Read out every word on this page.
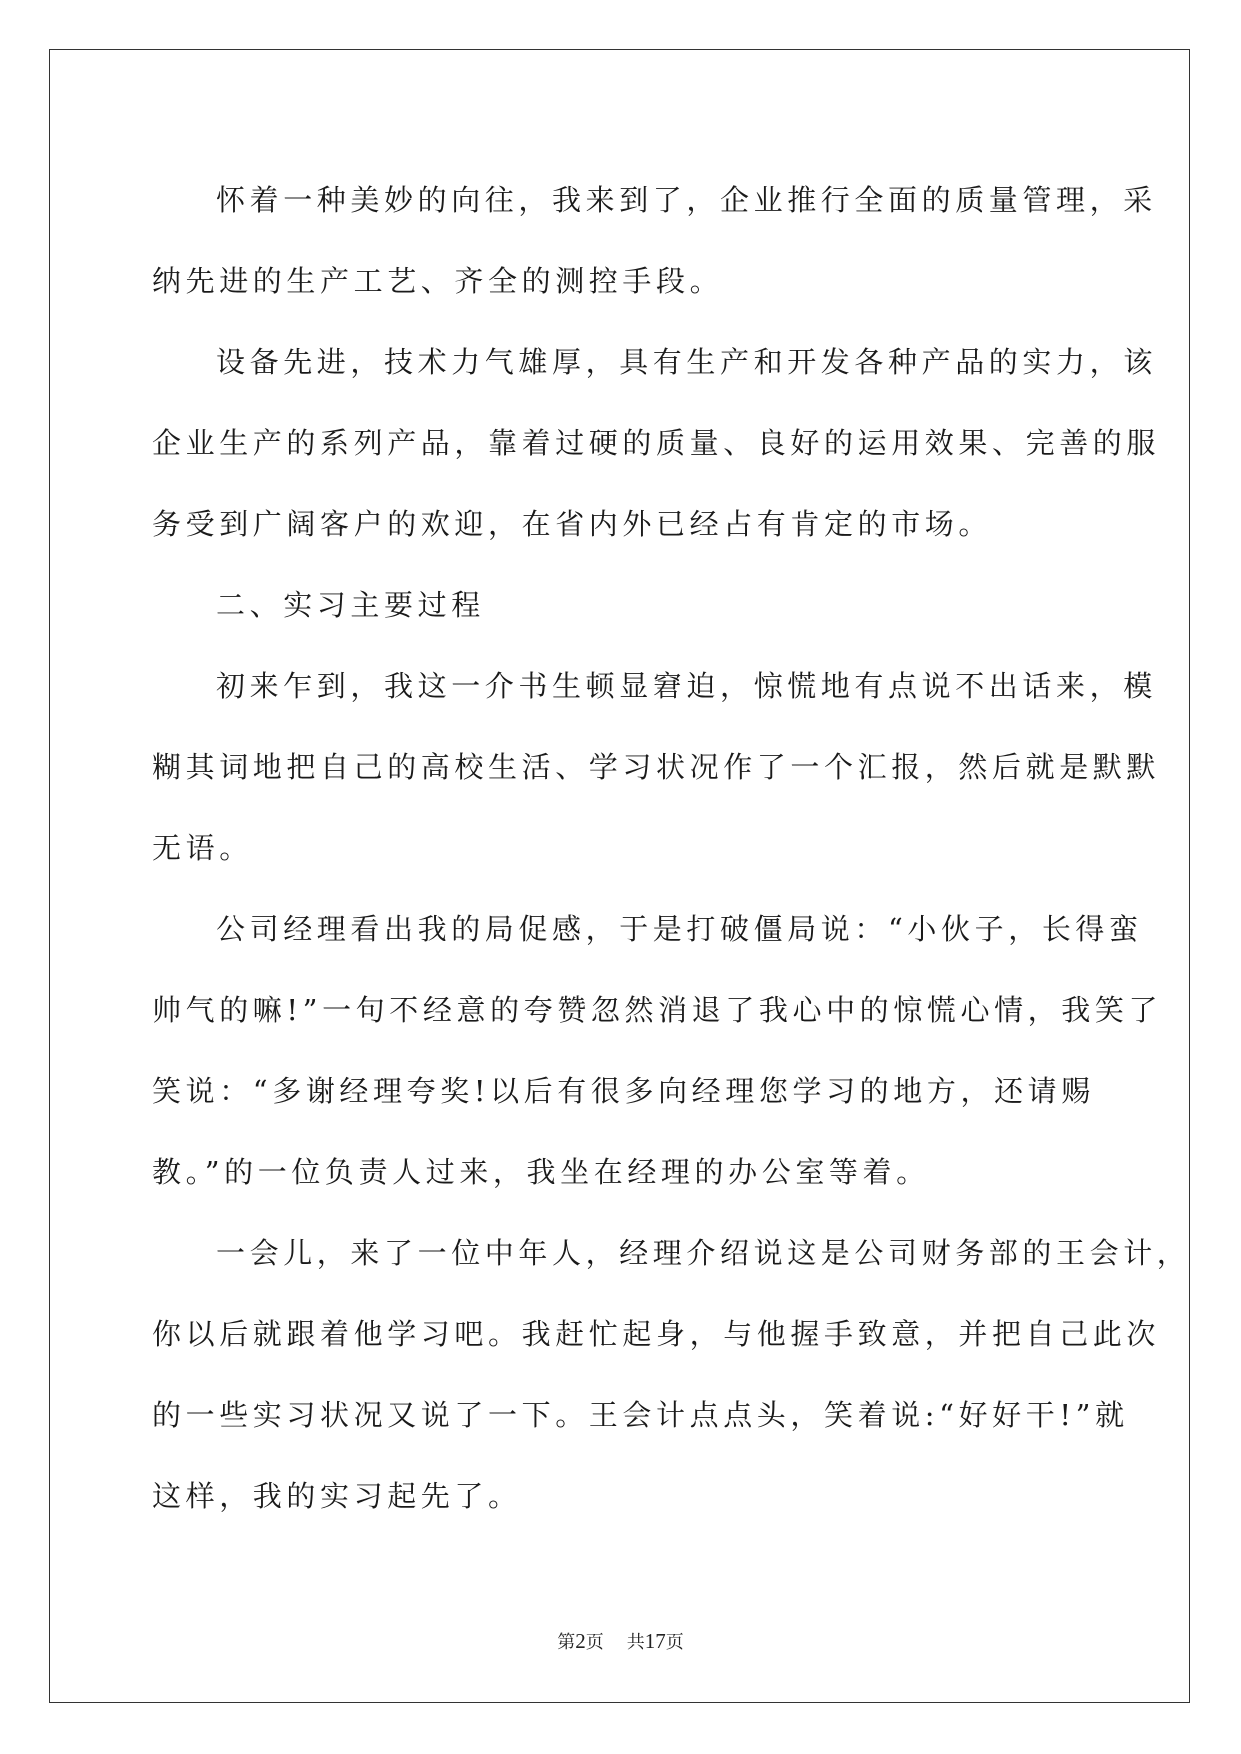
怀着一种美妙的向往，我来到了，企业推行全面的质量管理，采
纳先进的生产工艺、齐全的测控手段。

设备先进，技术力气雄厚，具有生产和开发各种产品的实力，该
企业生产的系列产品，靠着过硬的质量、良好的运用效果、完善的服
务受到广阔客户的欢迎，在省内外已经占有肯定的市场。

二、实习主要过程

初来乍到，我这一介书生顿显窘迫，惊慌地有点说不出话来，模
糊其词地把自己的高校生活、学习状况作了一个汇报，然后就是默默
无语。

公司经理看出我的局促感，于是打破僵局说：“小伙子，长得蛮
帅气的嘛!”一句不经意的夸赞忽然消退了我心中的惊慌心情，我笑了
笑说：“多谢经理夸奖!以后有很多向经理您学习的地方，还请赐
教。”的一位负责人过来，我坐在经理的办公室等着。

一会儿，来了一位中年人，经理介绍说这是公司财务部的王会计，
你以后就跟着他学习吧。我赶忙起身，与他握手致意，并把自己此次
的一些实习状况又说了一下。王会计点点头，笑着说:“好好干!”就
这样，我的实习起先了。

第2页 共17页
